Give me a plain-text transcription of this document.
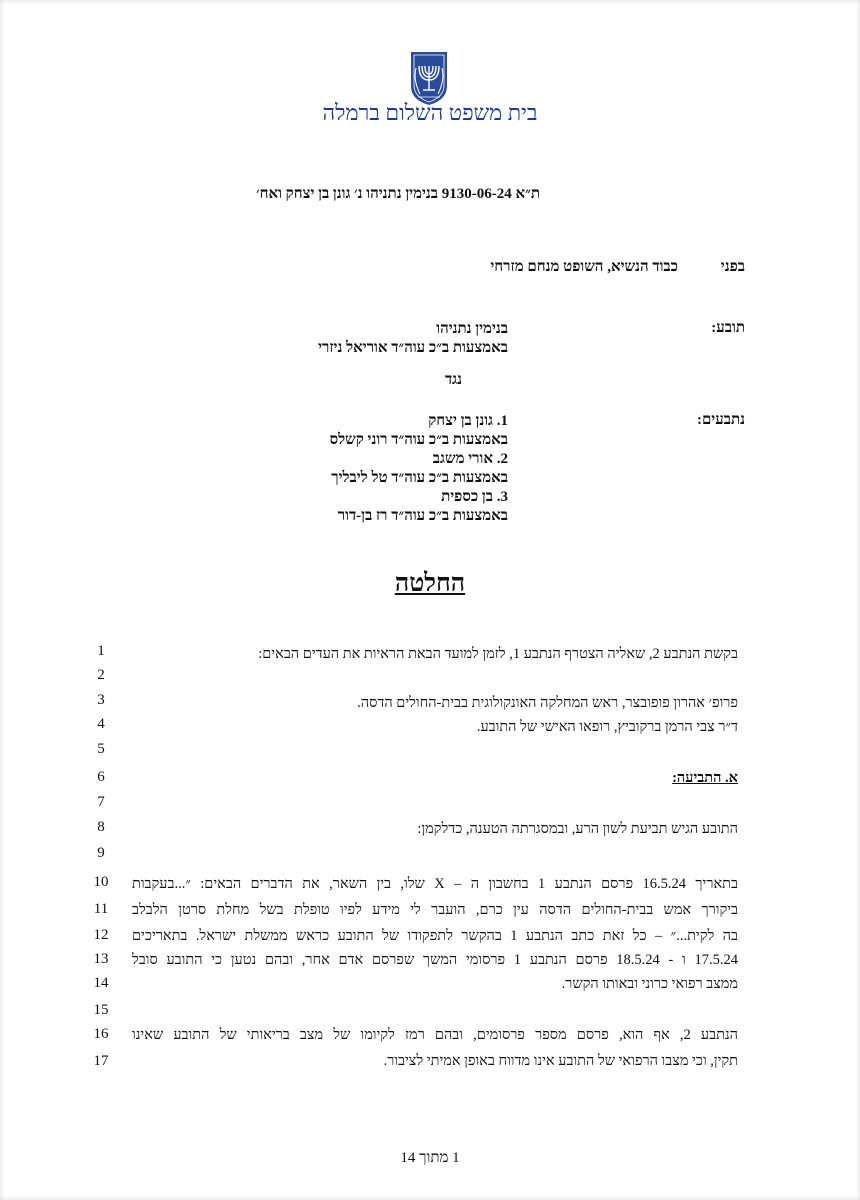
בית משפט השלום ברמלה
ת״א 9130-06-24 בנימין נתניהו נ׳ גונן בן יצחק ואח׳
בפני
כבוד הנשיא, השופט מנחם מזרחי
תובע:
בנימין נתניהו
באמצעות ב״כ עוה״ד אוריאל ניזרי
נגד
נתבעים:
1. גונן בן יצחק
באמצעות ב״כ עוה״ד רוני קשלס
2. אורי משגב
באמצעות ב״כ עוה״ד טל ליבליך
3. בן כספית
באמצעות ב״כ עוה״ד רז בן-דור
החלטה
1
2
3
4
5
6
7
8
9
10
11
12
13
14
15
16
17
בקשת הנתבע 2, שאליה הצטרף הנתבע 1, לזמן למועד הבאת הראיות את העדים הבאים:
פרופ׳ אהרון פופובצר, ראש המחלקה האונקולוגית בבית-החולים הדסה.
ד״ר צבי הרמן ברקוביץ, רופאו האישי של התובע.
א. התביעה:
התובע הגיש תביעת לשון הרע, ובמסגרתה הטענה, כדלקמן:
בתאריך 16.5.24 פרסם הנתבע 1 בחשבון ה – X שלו, בין השאר, את הדברים הבאים: ״...בעקבות
ביקורך אמש בבית-החולים הדסה עין כרם, הועבר לי מידע לפיו טופלת בשל מחלת סרטן הלבלב
בה לקית...״ – כל זאת כתב הנתבע 1 בהקשר לתפקודו של התובע כראש ממשלת ישראל. בתאריכים
17.5.24 ו - 18.5.24 פרסם הנתבע 1 פרסומי המשך שפרסם אדם אחר, ובהם נטען כי התובע סובל
ממצב רפואי כרוני ובאותו הקשר.
הנתבע 2, אף הוא, פרסם מספר פרסומים, ובהם רמז לקיומו של מצב בריאותי של התובע שאינו
תקין, וכי מצבו הרפואי של התובע אינו מדווח באופן אמיתי לציבור.
1 מתוך 14
